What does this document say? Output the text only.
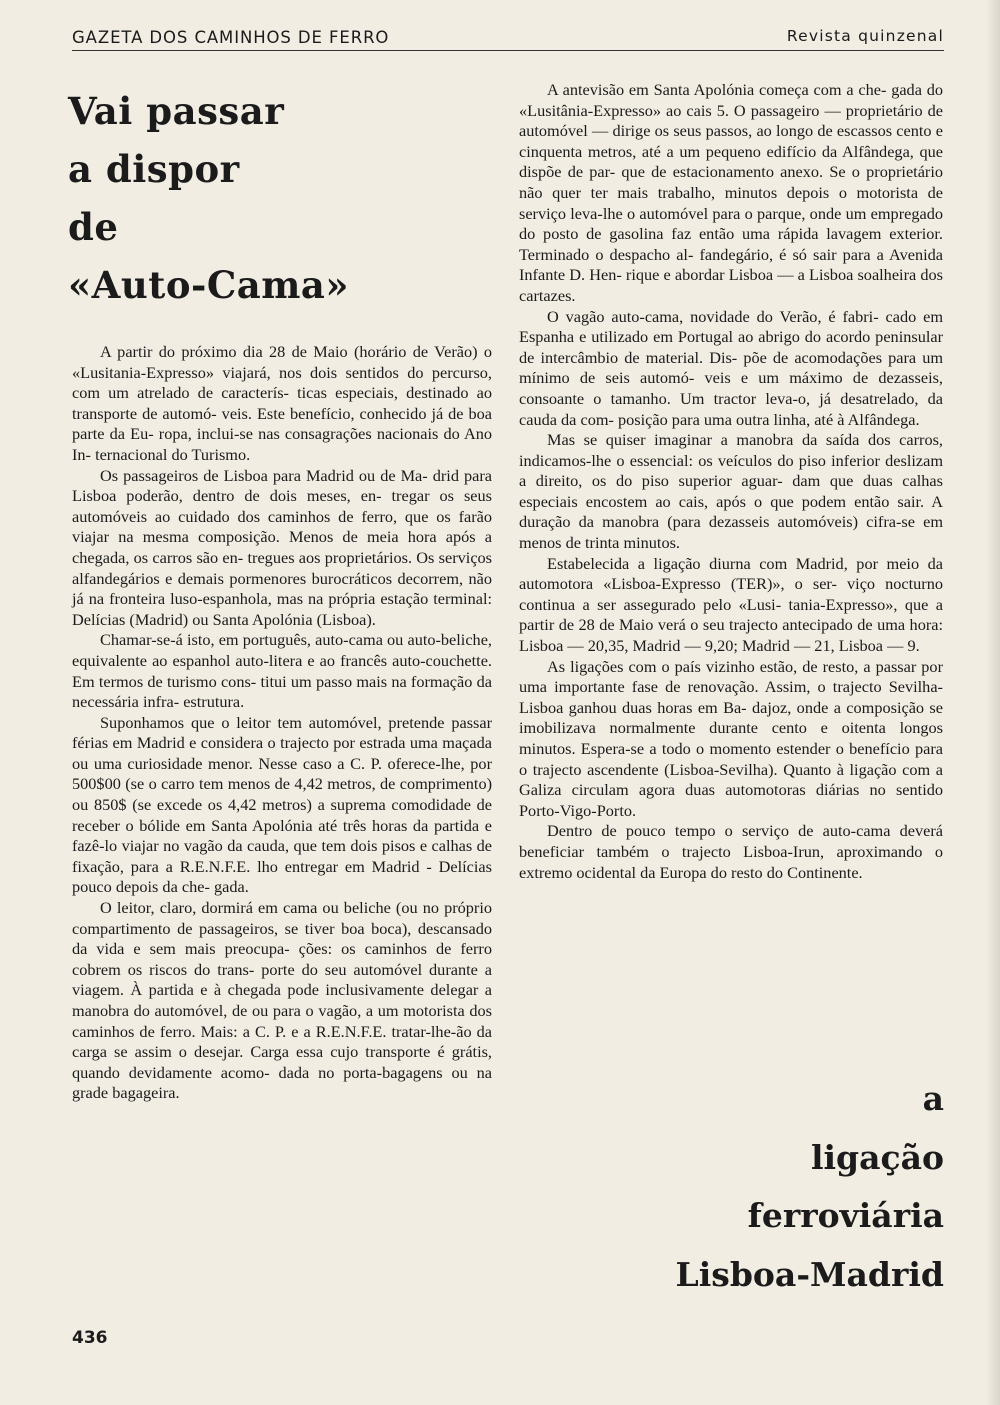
GAZETA DOS CAMINHOS DE FERRO	Revista quinzenal
Vai passar
a dispor
de
«Auto-Cama»

A partir do próximo dia 28 de Maio (horário de Verão) o «Lusitania-Expresso» viajará, nos dois sentidos do percurso, com um atrelado de caracterís- ticas especiais, destinado ao transporte de automó- veis. Este benefício, conhecido já de boa parte da Eu- ropa, inclui-se nas consagrações nacionais do Ano In- ternacional do Turismo.

Os passageiros de Lisboa para Madrid ou de Ma- drid para Lisboa poderão, dentro de dois meses, en- tregar os seus automóveis ao cuidado dos caminhos de ferro, que os farão viajar na mesma composição. Menos de meia hora após a chegada, os carros são en- tregues aos proprietários. Os serviços alfandegários e demais pormenores burocráticos decorrem, não já na fronteira luso-espanhola, mas na própria estação terminal: Delícias (Madrid) ou Santa Apolónia (Lisboa).

Chamar-se-á isto, em português, auto-cama ou auto-beliche, equivalente ao espanhol auto-litera e ao francês auto-couchette. Em termos de turismo cons- titui um passo mais na formação da necessária infra- estrutura.

Suponhamos que o leitor tem automóvel, pretende passar férias em Madrid e considera o trajecto por estrada uma maçada ou uma curiosidade menor. Nesse caso a C. P. oferece-lhe, por 500$00 (se o carro tem menos de 4,42 metros, de comprimento) ou 850$ (se excede os 4,42 metros) a suprema comodidade de receber o bólide em Santa Apolónia até três horas da partida e fazê-lo viajar no vagão da cauda, que tem dois pisos e calhas de fixação, para a R.E.N.F.E. lho entregar em Madrid - Delícias pouco depois da che- gada.

O leitor, claro, dormirá em cama ou beliche (ou no próprio compartimento de passageiros, se tiver boa boca), descansado da vida e sem mais preocupa- ções: os caminhos de ferro cobrem os riscos do trans- porte do seu automóvel durante a viagem. À partida e à chegada pode inclusivamente delegar a manobra do automóvel, de ou para o vagão, a um motorista dos caminhos de ferro. Mais: a C. P. e a R.E.N.F.E. tratar-lhe-ão da carga se assim o desejar. Carga essa cujo transporte é grátis, quando devidamente acomo- dada no porta-bagagens ou na grade bagageira.

A antevisão em Santa Apolónia começa com a che- gada do «Lusitânia-Expresso» ao cais 5. O passageiro — proprietário de automóvel — dirige os seus passos, ao longo de escassos cento e cinquenta metros, até a um pequeno edifício da Alfândega, que dispõe de par- que de estacionamento anexo. Se o proprietário não quer ter mais trabalho, minutos depois o motorista de serviço leva-lhe o automóvel para o parque, onde um empregado do posto de gasolina faz então uma rápida lavagem exterior. Terminado o despacho al- fandegário, é só sair para a Avenida Infante D. Hen- rique e abordar Lisboa — a Lisboa soalheira dos cartazes.

O vagão auto-cama, novidade do Verão, é fabri- cado em Espanha e utilizado em Portugal ao abrigo do acordo peninsular de intercâmbio de material. Dis- põe de acomodações para um mínimo de seis automó- veis e um máximo de dezasseis, consoante o tamanho. Um tractor leva-o, já desatrelado, da cauda da com- posição para uma outra linha, até à Alfândega.

Mas se quiser imaginar a manobra da saída dos carros, indicamos-lhe o essencial: os veículos do piso inferior deslizam a direito, os do piso superior aguar- dam que duas calhas especiais encostem ao cais, após o que podem então sair. A duração da manobra (para dezasseis automóveis) cifra-se em menos de trinta minutos.

Estabelecida a ligação diurna com Madrid, por meio da automotora «Lisboa-Expresso (TER)», o ser- viço nocturno continua a ser assegurado pelo «Lusi- tania-Expresso», que a partir de 28 de Maio verá o seu trajecto antecipado de uma hora: Lisboa — 20,35, Madrid — 9,20; Madrid — 21, Lisboa — 9.

As ligações com o país vizinho estão, de resto, a passar por uma importante fase de renovação. Assim, o trajecto Sevilha-Lisboa ganhou duas horas em Ba- dajoz, onde a composição se imobilizava normalmente durante cento e oitenta longos minutos. Espera-se a todo o momento estender o benefício para o trajecto ascendente (Lisboa-Sevilha). Quanto à ligação com a Galiza circulam agora duas automotoras diárias no sentido Porto-Vigo-Porto.

Dentro de pouco tempo o serviço de auto-cama deverá beneficiar também o trajecto Lisboa-Irun, aproximando o extremo ocidental da Europa do resto do Continente.

a
ligação
ferroviária
Lisboa-Madrid
436
